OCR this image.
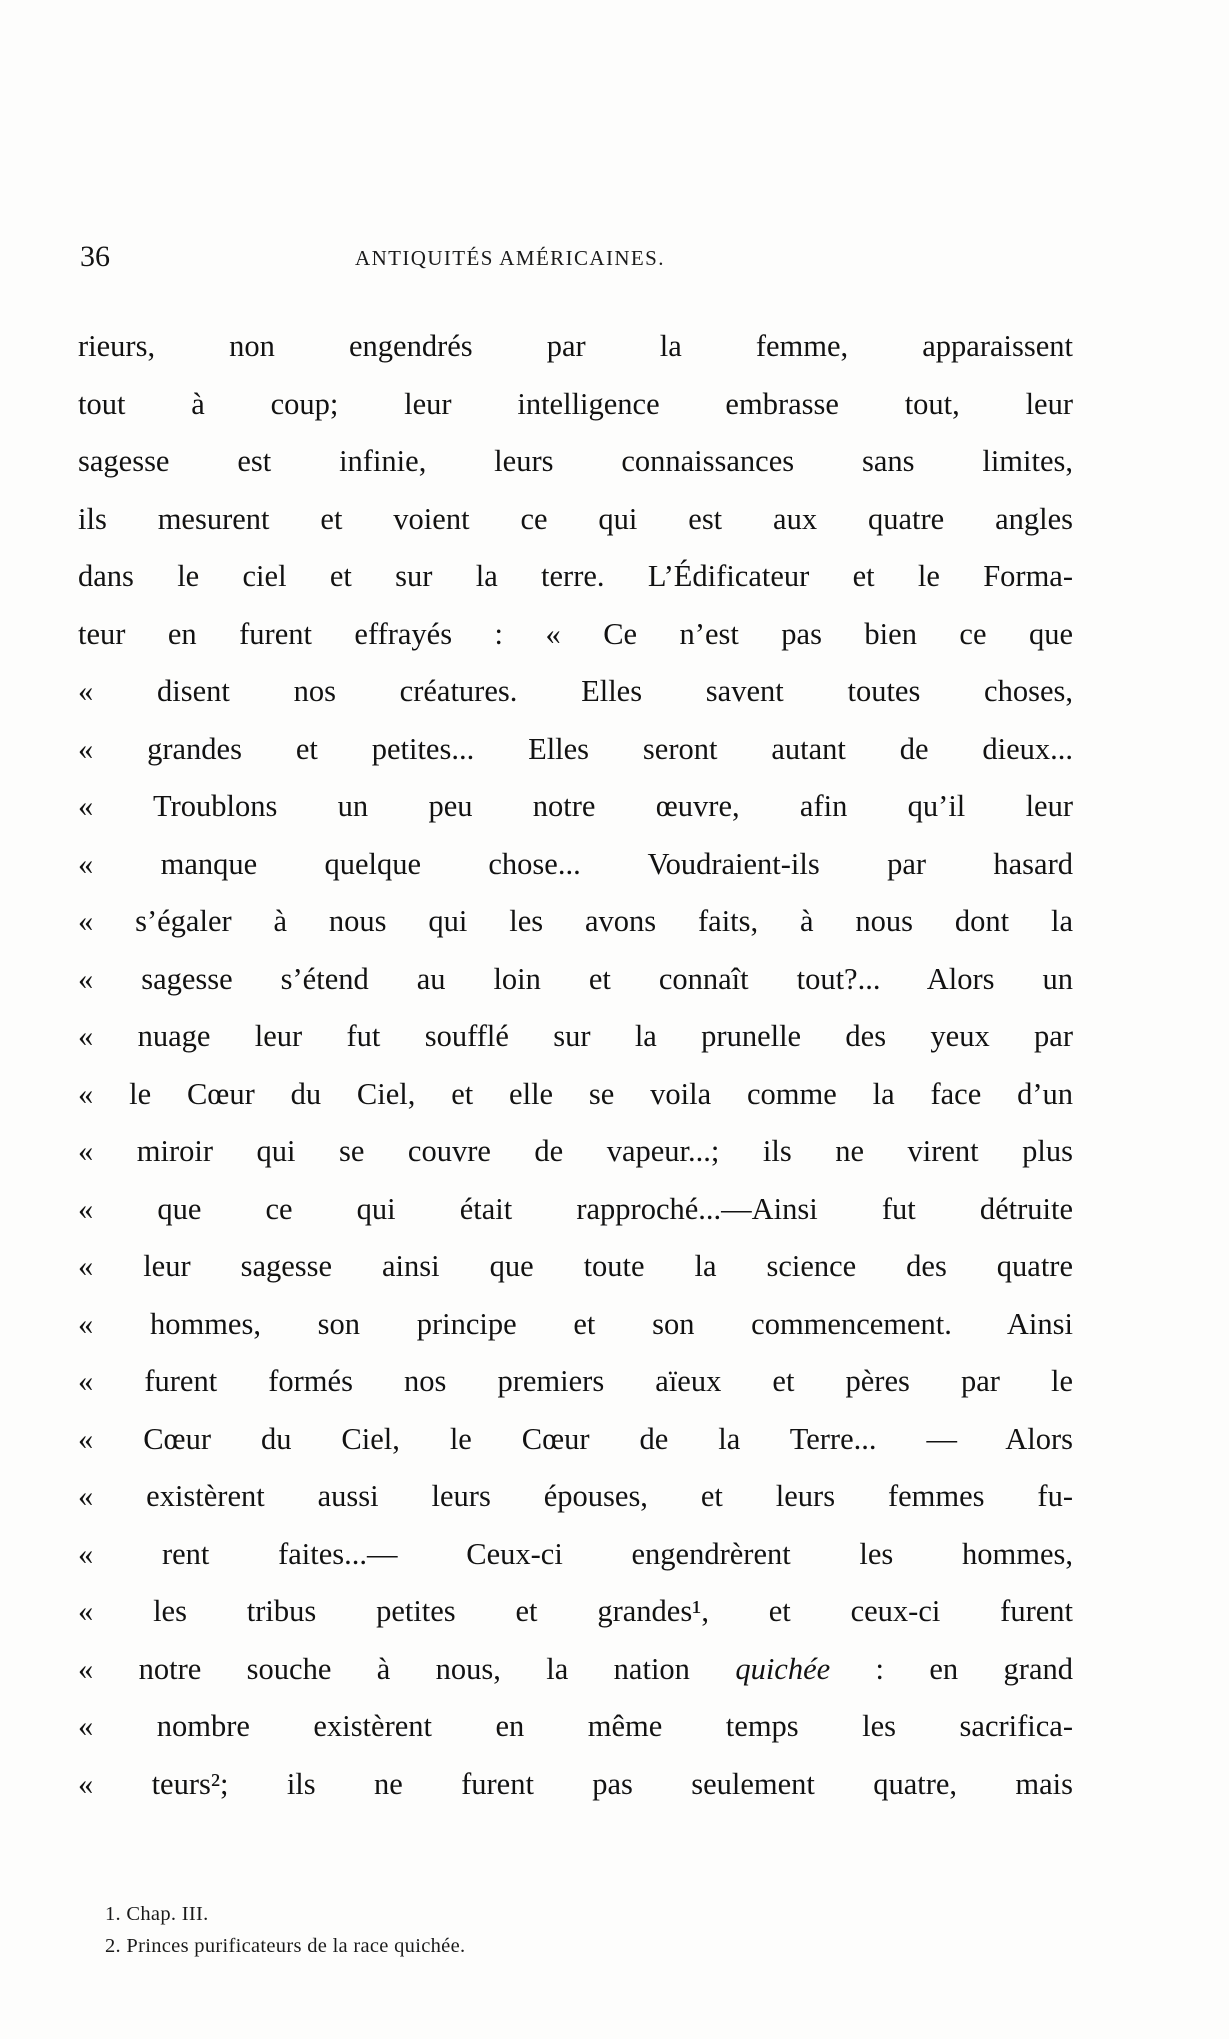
36	ANTIQUITÉS AMÉRICAINES.
rieurs, non engendrés par la femme, apparaissent
tout à coup; leur intelligence embrasse tout, leur
sagesse est infinie, leurs connaissances sans limites,
ils mesurent et voient ce qui est aux quatre angles
dans le ciel et sur la terre. L’Édificateur et le Forma-
teur en furent effrayés : « Ce n’est pas bien ce que
« disent nos créatures. Elles savent toutes choses,
« grandes et petites... Elles seront autant de dieux...
« Troublons un peu notre œuvre, afin qu’il leur
« manque quelque chose... Voudraient-ils par hasard
« s’égaler à nous qui les avons faits, à nous dont la
« sagesse s’étend au loin et connaît tout?... Alors un
« nuage leur fut soufflé sur la prunelle des yeux par
« le Cœur du Ciel, et elle se voila comme la face d’un
« miroir qui se couvre de vapeur...; ils ne virent plus
« que ce qui était rapproché...—Ainsi fut détruite
« leur sagesse ainsi que toute la science des quatre
« hommes, son principe et son commencement. Ainsi
« furent formés nos premiers aïeux et pères par le
« Cœur du Ciel, le Cœur de la Terre... — Alors
« existèrent aussi leurs épouses, et leurs femmes fu-
« rent faites...— Ceux-ci engendrèrent les hommes,
« les tribus petites et grandes¹, et ceux-ci furent
« notre souche à nous, la nation quichée : en grand
« nombre existèrent en même temps les sacrifica-
« teurs²; ils ne furent pas seulement quatre, mais
1. Chap. III.
2. Princes purificateurs de la race quichée.
